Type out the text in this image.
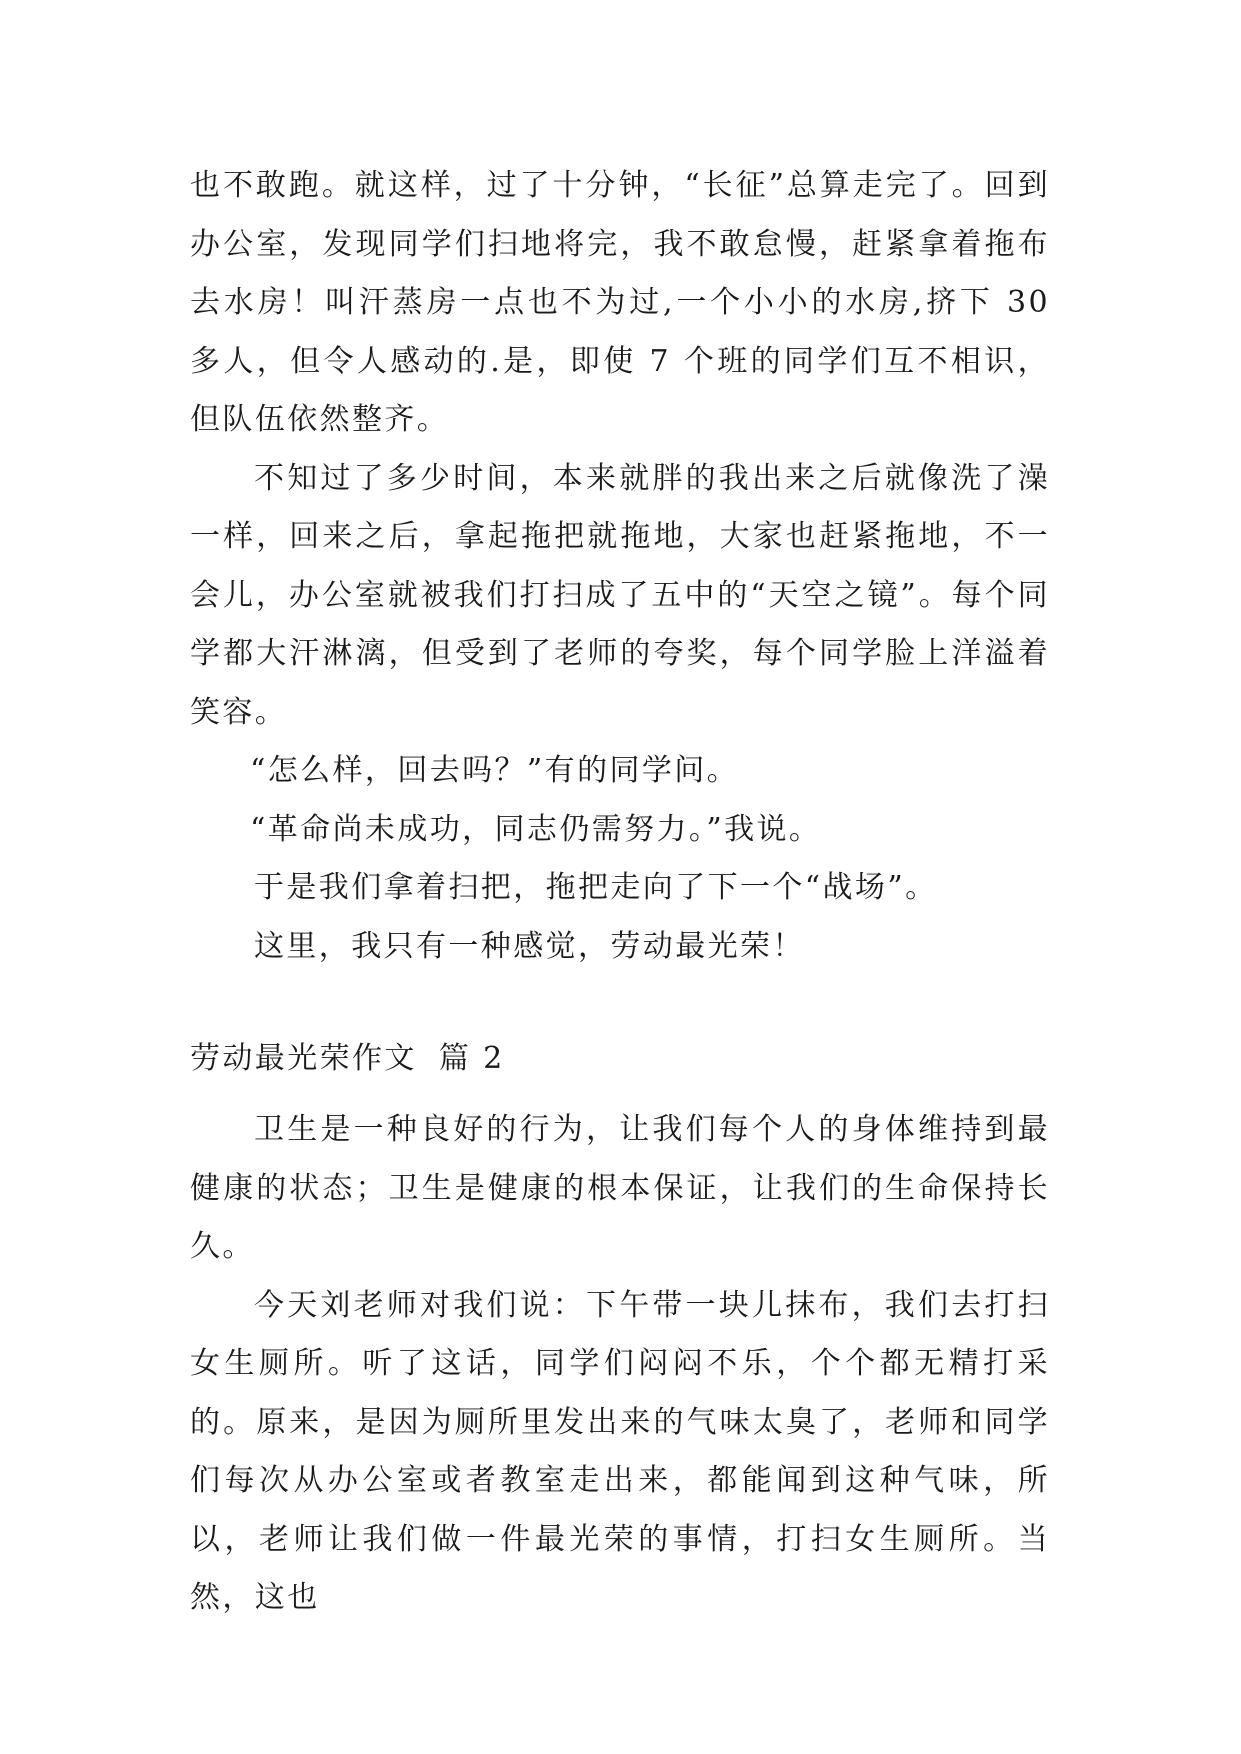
也不敢跑。就这样，过了十分钟，“长征”总算走完了。回到办公室，发现同学们扫地将完，我不敢怠慢，赶紧拿着拖布去水房！叫汗蒸房一点也不为过,一个小小的水房,挤下 30 多人，但令人感动的.是，即使 7 个班的同学们互不相识，但队伍依然整齐。

不知过了多少时间，本来就胖的我出来之后就像洗了澡一样，回来之后，拿起拖把就拖地，大家也赶紧拖地，不一会儿，办公室就被我们打扫成了五中的“天空之镜”。每个同学都大汗淋漓，但受到了老师的夸奖，每个同学脸上洋溢着笑容。

“怎么样，回去吗？”有的同学问。

“革命尚未成功，同志仍需努力。”我说。

于是我们拿着扫把，拖把走向了下一个“战场”。

这里，我只有一种感觉，劳动最光荣！

劳动最光荣作文 篇 2

卫生是一种良好的行为，让我们每个人的身体维持到最健康的状态；卫生是健康的根本保证，让我们的生命保持长久。

今天刘老师对我们说：下午带一块儿抹布，我们去打扫女生厕所。听了这话，同学们闷闷不乐，个个都无精打采的。原来，是因为厕所里发出来的气味太臭了，老师和同学们每次从办公室或者教室走出来，都能闻到这种气味，所以，老师让我们做一件最光荣的事情，打扫女生厕所。当然，这也
